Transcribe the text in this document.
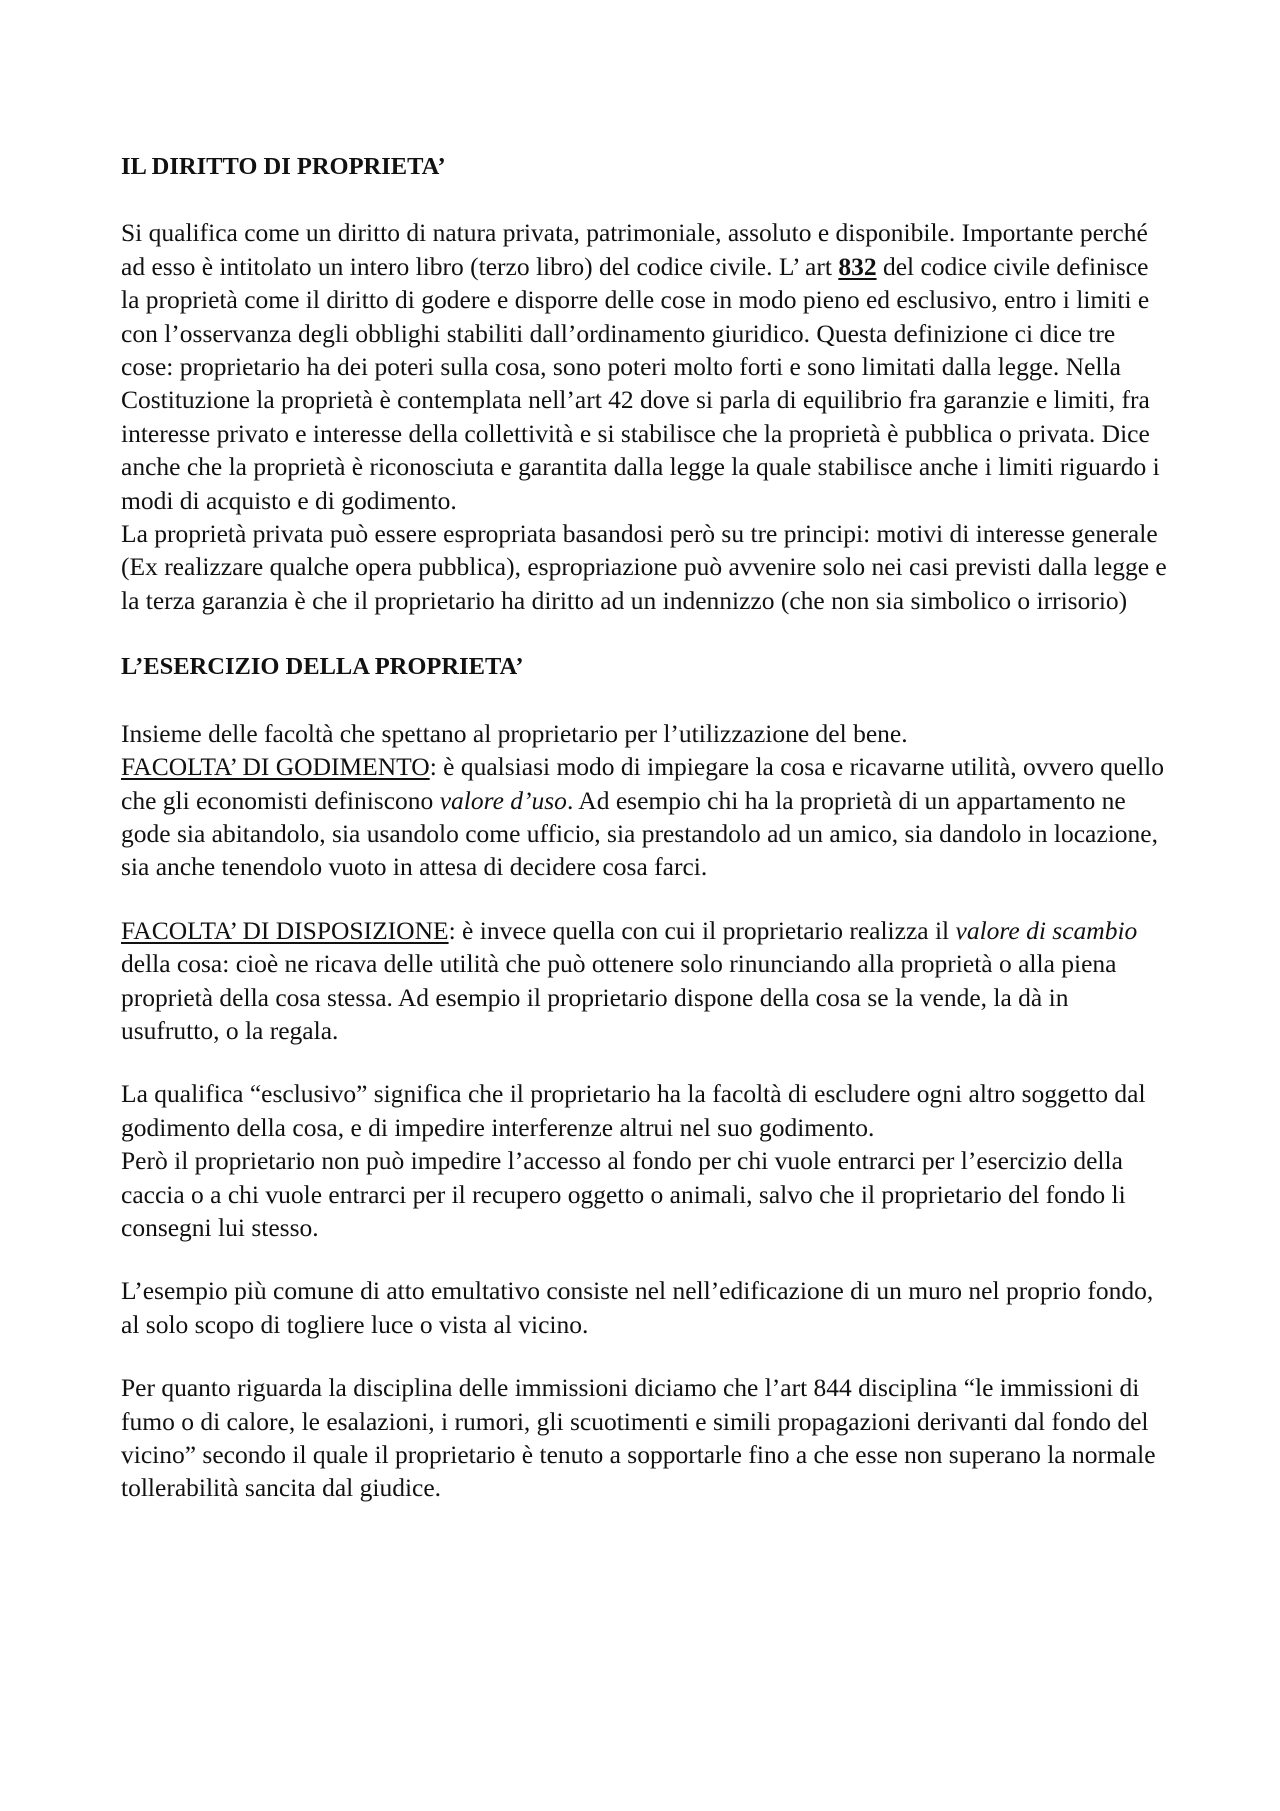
IL DIRITTO DI PROPRIETA’

Si qualifica come un diritto di natura privata, patrimoniale, assoluto e disponibile. Importante perché ad esso è intitolato un intero libro (terzo libro) del codice civile. L’ art 832 del codice civile definisce la proprietà come il diritto di godere e disporre delle cose in modo pieno ed esclusivo, entro i limiti e con l’osservanza degli obblighi stabiliti dall’ordinamento giuridico. Questa definizione ci dice tre cose: proprietario ha dei poteri sulla cosa, sono poteri molto forti e sono limitati dalla legge. Nella Costituzione la proprietà è contemplata nell’art 42 dove si parla di equilibrio fra garanzie e limiti, fra interesse privato e interesse della collettività e si stabilisce che la proprietà è pubblica o privata. Dice anche che la proprietà è riconosciuta e garantita dalla legge la quale stabilisce anche i limiti riguardo i modi di acquisto e di godimento.

La proprietà privata può essere espropriata basandosi però su tre principi: motivi di interesse generale (Ex realizzare qualche opera pubblica), espropriazione può avvenire solo nei casi previsti dalla legge e la terza garanzia è che il proprietario ha diritto ad un indennizzo (che non sia simbolico o irrisorio)

L’ESERCIZIO DELLA PROPRIETA’

Insieme delle facoltà che spettano al proprietario per l’utilizzazione del bene.

FACOLTA’ DI GODIMENTO: è qualsiasi modo di impiegare la cosa e ricavarne utilità, ovvero quello che gli economisti definiscono valore d’uso. Ad esempio chi ha la proprietà di un appartamento ne gode sia abitandolo, sia usandolo come ufficio, sia prestandolo ad un amico, sia dandolo in locazione, sia anche tenendolo vuoto in attesa di decidere cosa farci.

FACOLTA’ DI DISPOSIZIONE: è invece quella con cui il proprietario realizza il valore di scambio della cosa: cioè ne ricava delle utilità che può ottenere solo rinunciando alla proprietà o alla piena proprietà della cosa stessa. Ad esempio il proprietario dispone della cosa se la vende, la dà in usufrutto, o la regala.

La qualifica “esclusivo” significa che il proprietario ha la facoltà di escludere ogni altro soggetto dal godimento della cosa, e di impedire interferenze altrui nel suo godimento.

Però il proprietario non può impedire l’accesso al fondo per chi vuole entrarci per l’esercizio della caccia o a chi vuole entrarci per il recupero oggetto o animali, salvo che il proprietario del fondo li consegni lui stesso.

L’esempio più comune di atto emultativo consiste nel nell’edificazione di un muro nel proprio fondo, al solo scopo di togliere luce o vista al vicino.

Per quanto riguarda la disciplina delle immissioni diciamo che l’art 844 disciplina “le immissioni di fumo o di calore, le esalazioni, i rumori, gli scuotimenti e simili propagazioni derivanti dal fondo del vicino” secondo il quale il proprietario è tenuto a sopportarle fino a che esse non superano la normale tollerabilità sancita dal giudice.
